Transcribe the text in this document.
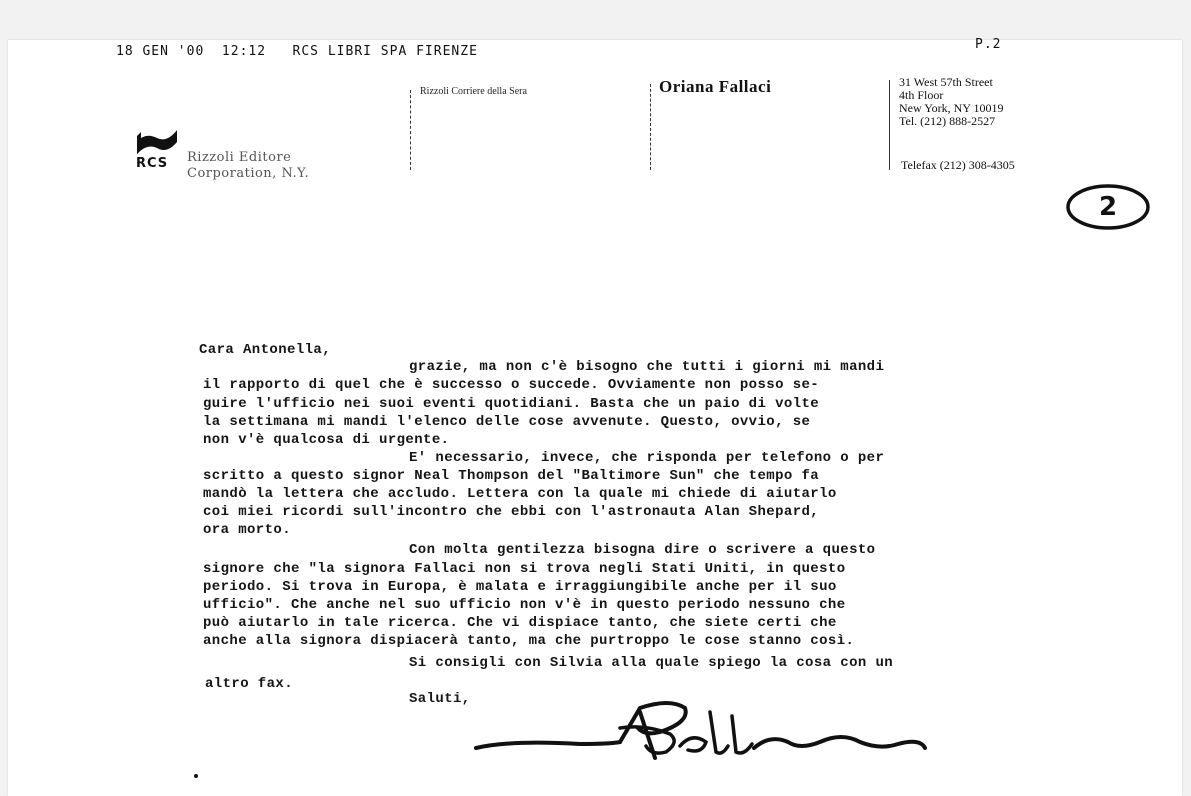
18 GEN '00  12:12   RCS LIBRI SPA FIRENZE	P.2
RCS Rizzoli Editore
Corporation, N.Y.
Rizzoli Corriere della Sera	Oriana Fallaci	31 West 57th Street
4th Floor
New York, NY 10019
Tel. (212) 888-2527
Telefax (212) 308-4305
2

Cara Antonella,

grazie, ma non c'è bisogno che tutti i giorni mi mandi

il rapporto di quel che è successo o succede. Ovviamente non posso se-

guire l'ufficio nei suoi eventi quotidiani. Basta che un paio di volte

la settimana mi mandi l'elenco delle cose avvenute. Questo, ovvio, se

non v'è qualcosa di urgente.

E' necessario, invece, che risponda per telefono o per

scritto a questo signor Neal Thompson del "Baltimore Sun" che tempo fa

mandò la lettera che accludo. Lettera con la quale mi chiede di aiutarlo

coi miei ricordi sull'incontro che ebbi con l'astronauta Alan Shepard,

ora morto.

Con molta gentilezza bisogna dire o scrivere a questo

signore che "la signora Fallaci non si trova negli Stati Uniti, in questo

periodo. Si trova in Europa, è malata e irraggiungibile anche per il suo

ufficio". Che anche nel suo ufficio non v'è in questo periodo nessuno che

può aiutarlo in tale ricerca. Che vi dispiace tanto, che siete certi che

anche alla signora dispiacerà tanto, ma che purtroppo le cose stanno così.

Si consigli con Silvia alla quale spiego la cosa con un

altro fax.

Saluti,
